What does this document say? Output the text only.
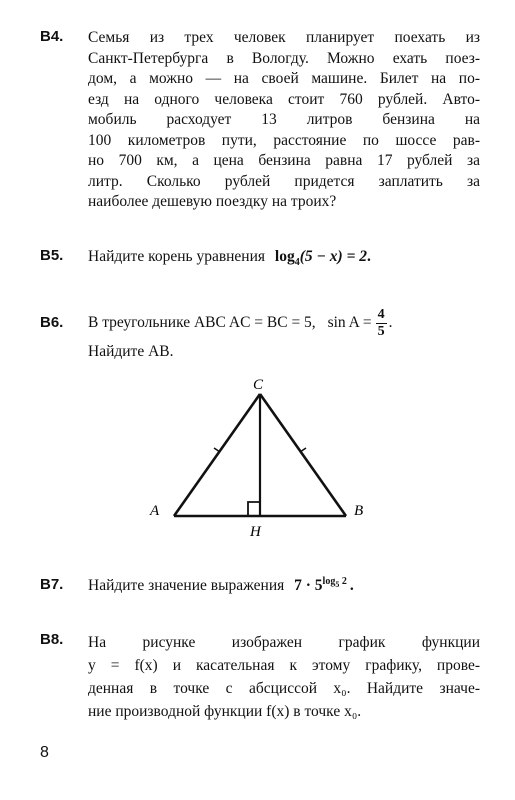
B4.	Семья из трех человек планирует поехать из
Санкт-Петербурга в Вологду. Можно ехать поез-
дом, а можно — на своей машине. Билет на по-
езд на одного человека стоит 760 рублей. Авто-
мобиль расходует 13 литров бензина на
100 километров пути, расстояние по шоссе рав-
но 700 км, а цена бензина равна 17 рублей за
литр. Сколько рублей придется заплатить за
наиболее дешевую поездку на троих?
B5.	Найдите корень уравнения $\log_4(5 - x) = 2$.
B6.	В треугольнике ABC AC = BC = 5, $\sin A = \frac{4}{5}$ .
Найдите AB.
C
A	B
H
B7.	Найдите значение выражения $7 \cdot 5^{log_5 2}$ .
B8.	На рисунке изображен график функции
y = f(x) и касательная к этому графику, прове-
денная в точке с абсциссой x₀. Найдите значе-
ние производной функции f(x) в точке x₀.
8
